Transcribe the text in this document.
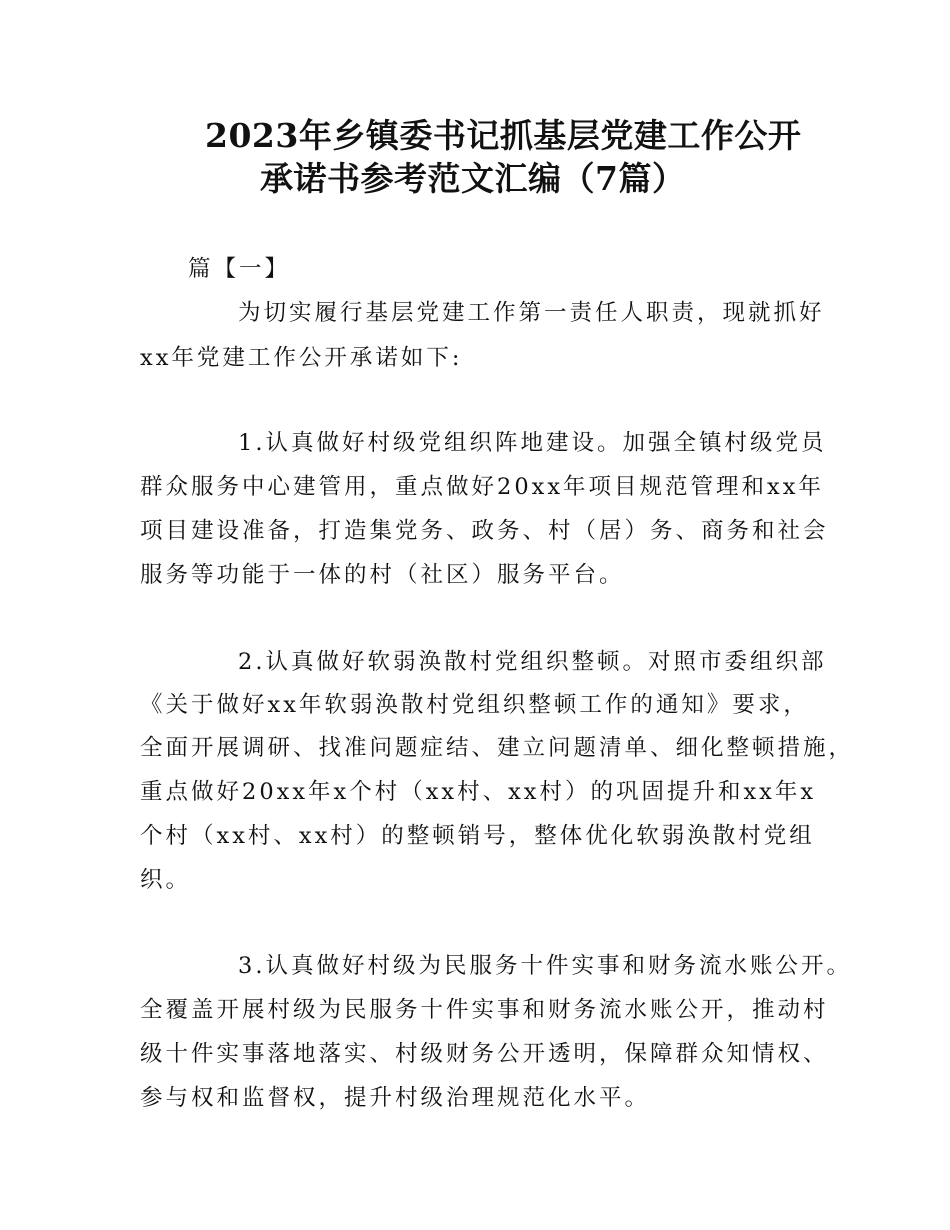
2023年乡镇委书记抓基层党建工作公开
承诺书参考范文汇编（7篇）
篇【一】
为切实履行基层党建工作第一责任人职责，现就抓好
xx年党建工作公开承诺如下:
1.认真做好村级党组织阵地建设。加强全镇村级党员
群众服务中心建管用，重点做好20xx年项目规范管理和xx年
项目建设准备，打造集党务、政务、村（居）务、商务和社会
服务等功能于一体的村（社区）服务平台。
2.认真做好软弱涣散村党组织整顿。对照市委组织部
《关于做好xx年软弱涣散村党组织整顿工作的通知》要求，
全面开展调研、找准问题症结、建立问题清单、细化整顿措施，
重点做好20xx年x个村（xx村、xx村）的巩固提升和xx年x
个村（xx村、xx村）的整顿销号，整体优化软弱涣散村党组
织。
3.认真做好村级为民服务十件实事和财务流水账公开。
全覆盖开展村级为民服务十件实事和财务流水账公开，推动村
级十件实事落地落实、村级财务公开透明，保障群众知情权、
参与权和监督权，提升村级治理规范化水平。
